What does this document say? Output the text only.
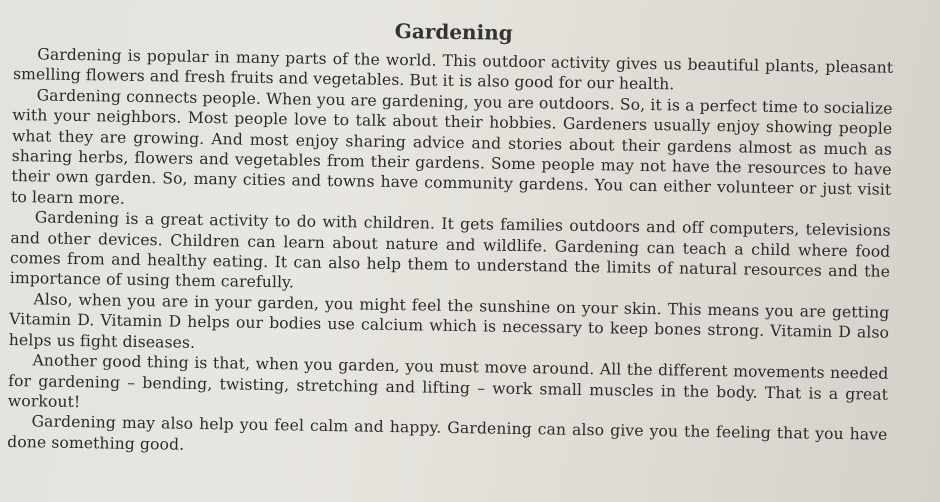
Gardening

Gardening is popular in many parts of the world. This outdoor activity gives us beautiful plants, pleasant smelling flowers and fresh fruits and vegetables. But it is also good for our health.

Gardening connects people. When you are gardening, you are outdoors. So, it is a perfect time to socialize with your neighbors. Most people love to talk about their hobbies. Gardeners usually enjoy showing people what they are growing. And most enjoy sharing advice and stories about their gardens almost as much as sharing herbs, flowers and vegetables from their gardens. Some people may not have the resources to have their own garden. So, many cities and towns have community gardens. You can either volunteer or just visit to learn more.

Gardening is a great activity to do with children. It gets families outdoors and off computers, televisions and other devices. Children can learn about nature and wildlife. Gardening can teach a child where food comes from and healthy eating. It can also help them to understand the limits of natural resources and the importance of using them carefully.

Also, when you are in your garden, you might feel the sunshine on your skin. This means you are getting Vitamin D. Vitamin D helps our bodies use calcium which is necessary to keep bones strong. Vitamin D also helps us fight diseases.

Another good thing is that, when you garden, you must move around. All the different movements needed for gardening – bending, twisting, stretching and lifting – work small muscles in the body. That is a great workout!

Gardening may also help you feel calm and happy. Gardening can also give you the feeling that you have done something good.
